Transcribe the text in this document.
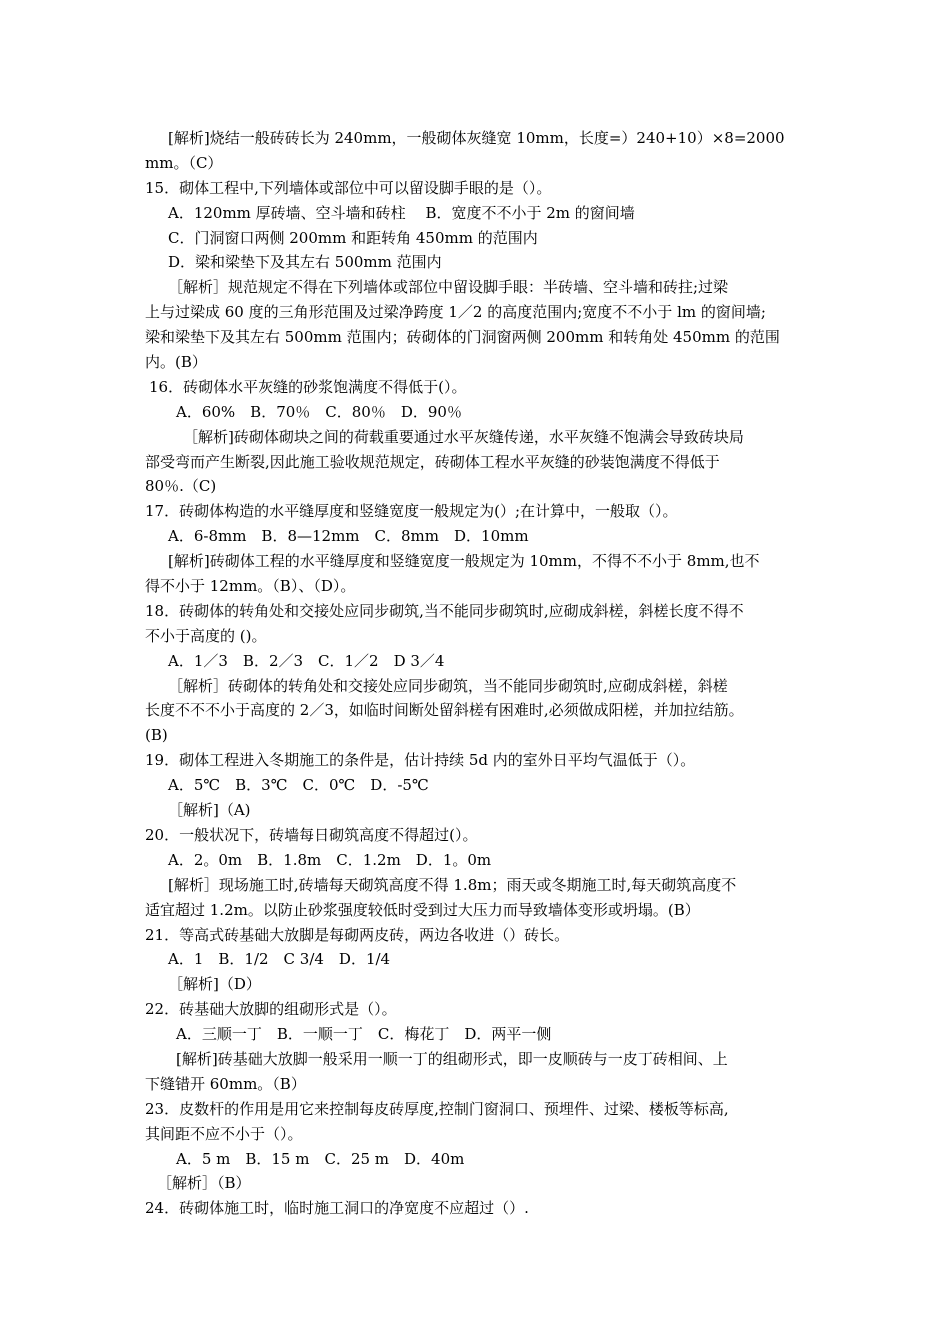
[解析]烧结一般砖砖长为 240mm，一般砌体灰缝宽 10mm，长度=）240+10）×8=2000
mm。（C）
15．砌体工程中,下列墙体或部位中可以留设脚手眼的是（）。
A．120mm 厚砖墙、空斗墙和砖柱　 B．宽度不不小于 2m 的窗间墙
C．门洞窗口两侧 200mm 和距转角 450mm 的范围内
D．梁和梁垫下及其左右 500mm 范围内
［解析］规范规定不得在下列墙体或部位中留设脚手眼：半砖墙、空斗墙和砖拄;过梁
上与过梁成 60 度的三角形范围及过梁净跨度 1／2 的高度范围内;宽度不不小于 lm 的窗间墙;
梁和梁垫下及其左右 500mm 范围内；砖砌体的门洞窗两侧 200mm 和转角处 450mm 的范围
内。(B）
16．砖砌体水平灰缝的砂浆饱满度不得低于(）。
A．60%　B．70％　C．80％　D．90％
［解析]砖砌体砌块之间的荷载重要通过水平灰缝传递，水平灰缝不饱满会导致砖块局
部受弯而产生断裂,因此施工验收规范规定，砖砌体工程水平灰缝的砂装饱满度不得低于
80％.（C)
17．砖砌体构造的水平缝厚度和竖缝宽度一般规定为(）;在计算中，一般取（）。
A．6-8mm　B．8—12mm　C．8mm　D．10mm
[解析]砖砌体工程的水平缝厚度和竖缝宽度一般规定为 10mm，不得不不小于 8mm,也不
得不小于 12mm。（B）、（D）。
18．砖砌体的转角处和交接处应同步砌筑,当不能同步砌筑时,应砌成斜槎，斜槎长度不得不
不小于高度的 ()。
A．1／3　B．2／3　C．1／2　D 3／4
［解析］砖砌体的转角处和交接处应同步砌筑，当不能同步砌筑时,应砌成斜槎，斜槎
长度不不不小于高度的 2／3，如临时间断处留斜槎有困难时,必须做成阳槎，并加拉结筋。
(B)
19．砌体工程进入冬期施工的条件是，估计持续 5d 内的室外日平均气温低于（）。
A．5℃　B．3℃　C．0℃　D．-5℃
［解析]（A)
20．一般状况下，砖墙每日砌筑高度不得超过(）。
A．2。0m　B．1.8m　C．1.2m　D．1。0m
[解析］现场施工时,砖墙每天砌筑高度不得 1.8m；雨天或冬期施工时,每天砌筑高度不
适宜超过 1.2m。以防止砂浆强度较低时受到过大压力而导致墙体变形或坍塌。(B）
21．等高式砖基础大放脚是每砌两皮砖，两边各收进（）砖长。
A．1　B．1/2　C 3/4　D．1/4
［解析]（D）
22．砖基础大放脚的组砌形式是（）。
A．三顺一丁　B．一顺一丁　C．梅花丁　D．两平一侧
[解析]砖基础大放脚一般采用一顺一丁的组砌形式，即一皮顺砖与一皮丁砖相间、上
下缝错开 60mm。（B）
23．皮数杆的作用是用它来控制每皮砖厚度,控制门窗洞口、预埋件、过梁、楼板等标高,
其间距不应不小于（）。
A．5 m　B．15 m　C．25 m　D．40m
［解析］（B）
24．砖砌体施工时，临时施工洞口的净宽度不应超过（）.
